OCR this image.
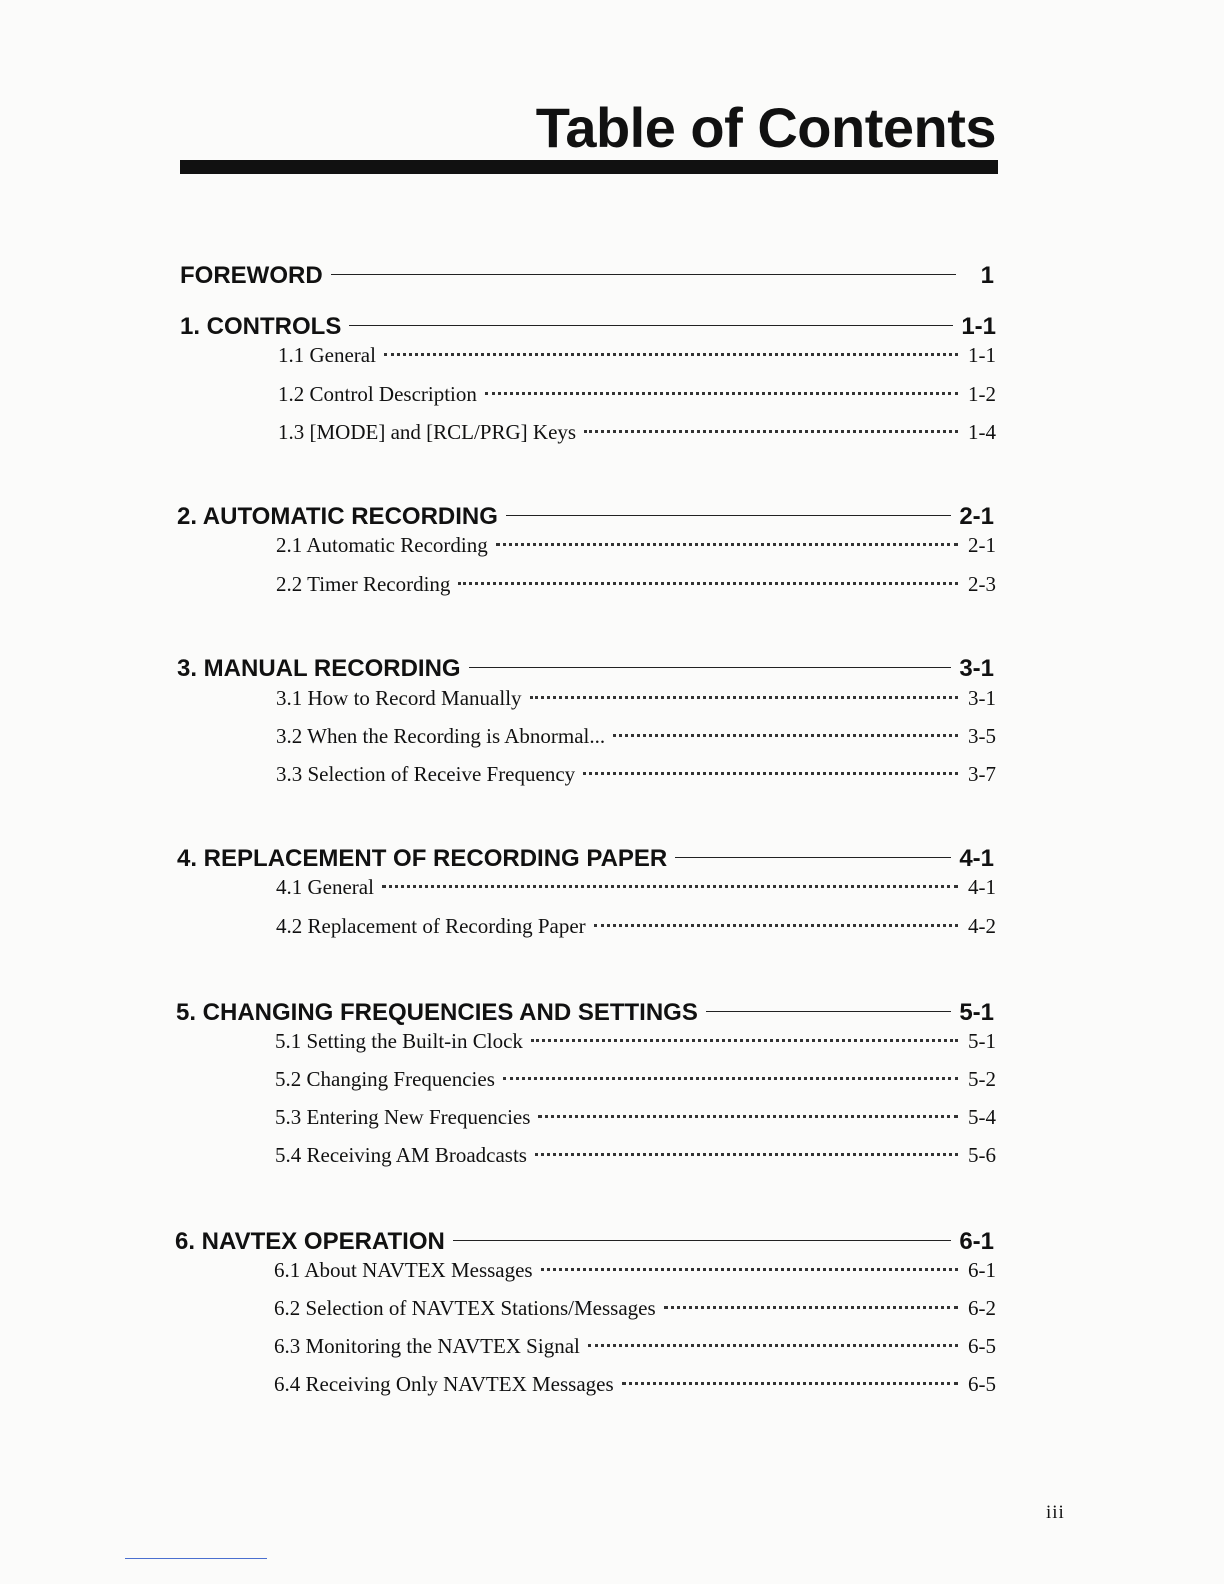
Table of Contents
FOREWORD	1
1. CONTROLS	1-1
1.1 General	1-1
1.2 Control Description	1-2
1.3 [MODE] and [RCL/PRG] Keys	1-4
2. AUTOMATIC RECORDING	2-1
2.1 Automatic Recording	2-1
2.2 Timer Recording	2-3
3. MANUAL RECORDING	3-1
3.1 How to Record Manually	3-1
3.2 When the Recording is Abnormal...	3-5
3.3 Selection of Receive Frequency	3-7
4. REPLACEMENT OF RECORDING PAPER	4-1
4.1 General	4-1
4.2 Replacement of Recording Paper	4-2
5. CHANGING FREQUENCIES AND SETTINGS	5-1
5.1 Setting the Built-in Clock	5-1
5.2 Changing Frequencies	5-2
5.3 Entering New Frequencies	5-4
5.4 Receiving AM Broadcasts	5-6
6. NAVTEX OPERATION	6-1
6.1 About NAVTEX Messages	6-1
6.2 Selection of NAVTEX Stations/Messages	6-2
6.3 Monitoring the NAVTEX Signal	6-5
6.4 Receiving Only NAVTEX Messages	6-5
iii
